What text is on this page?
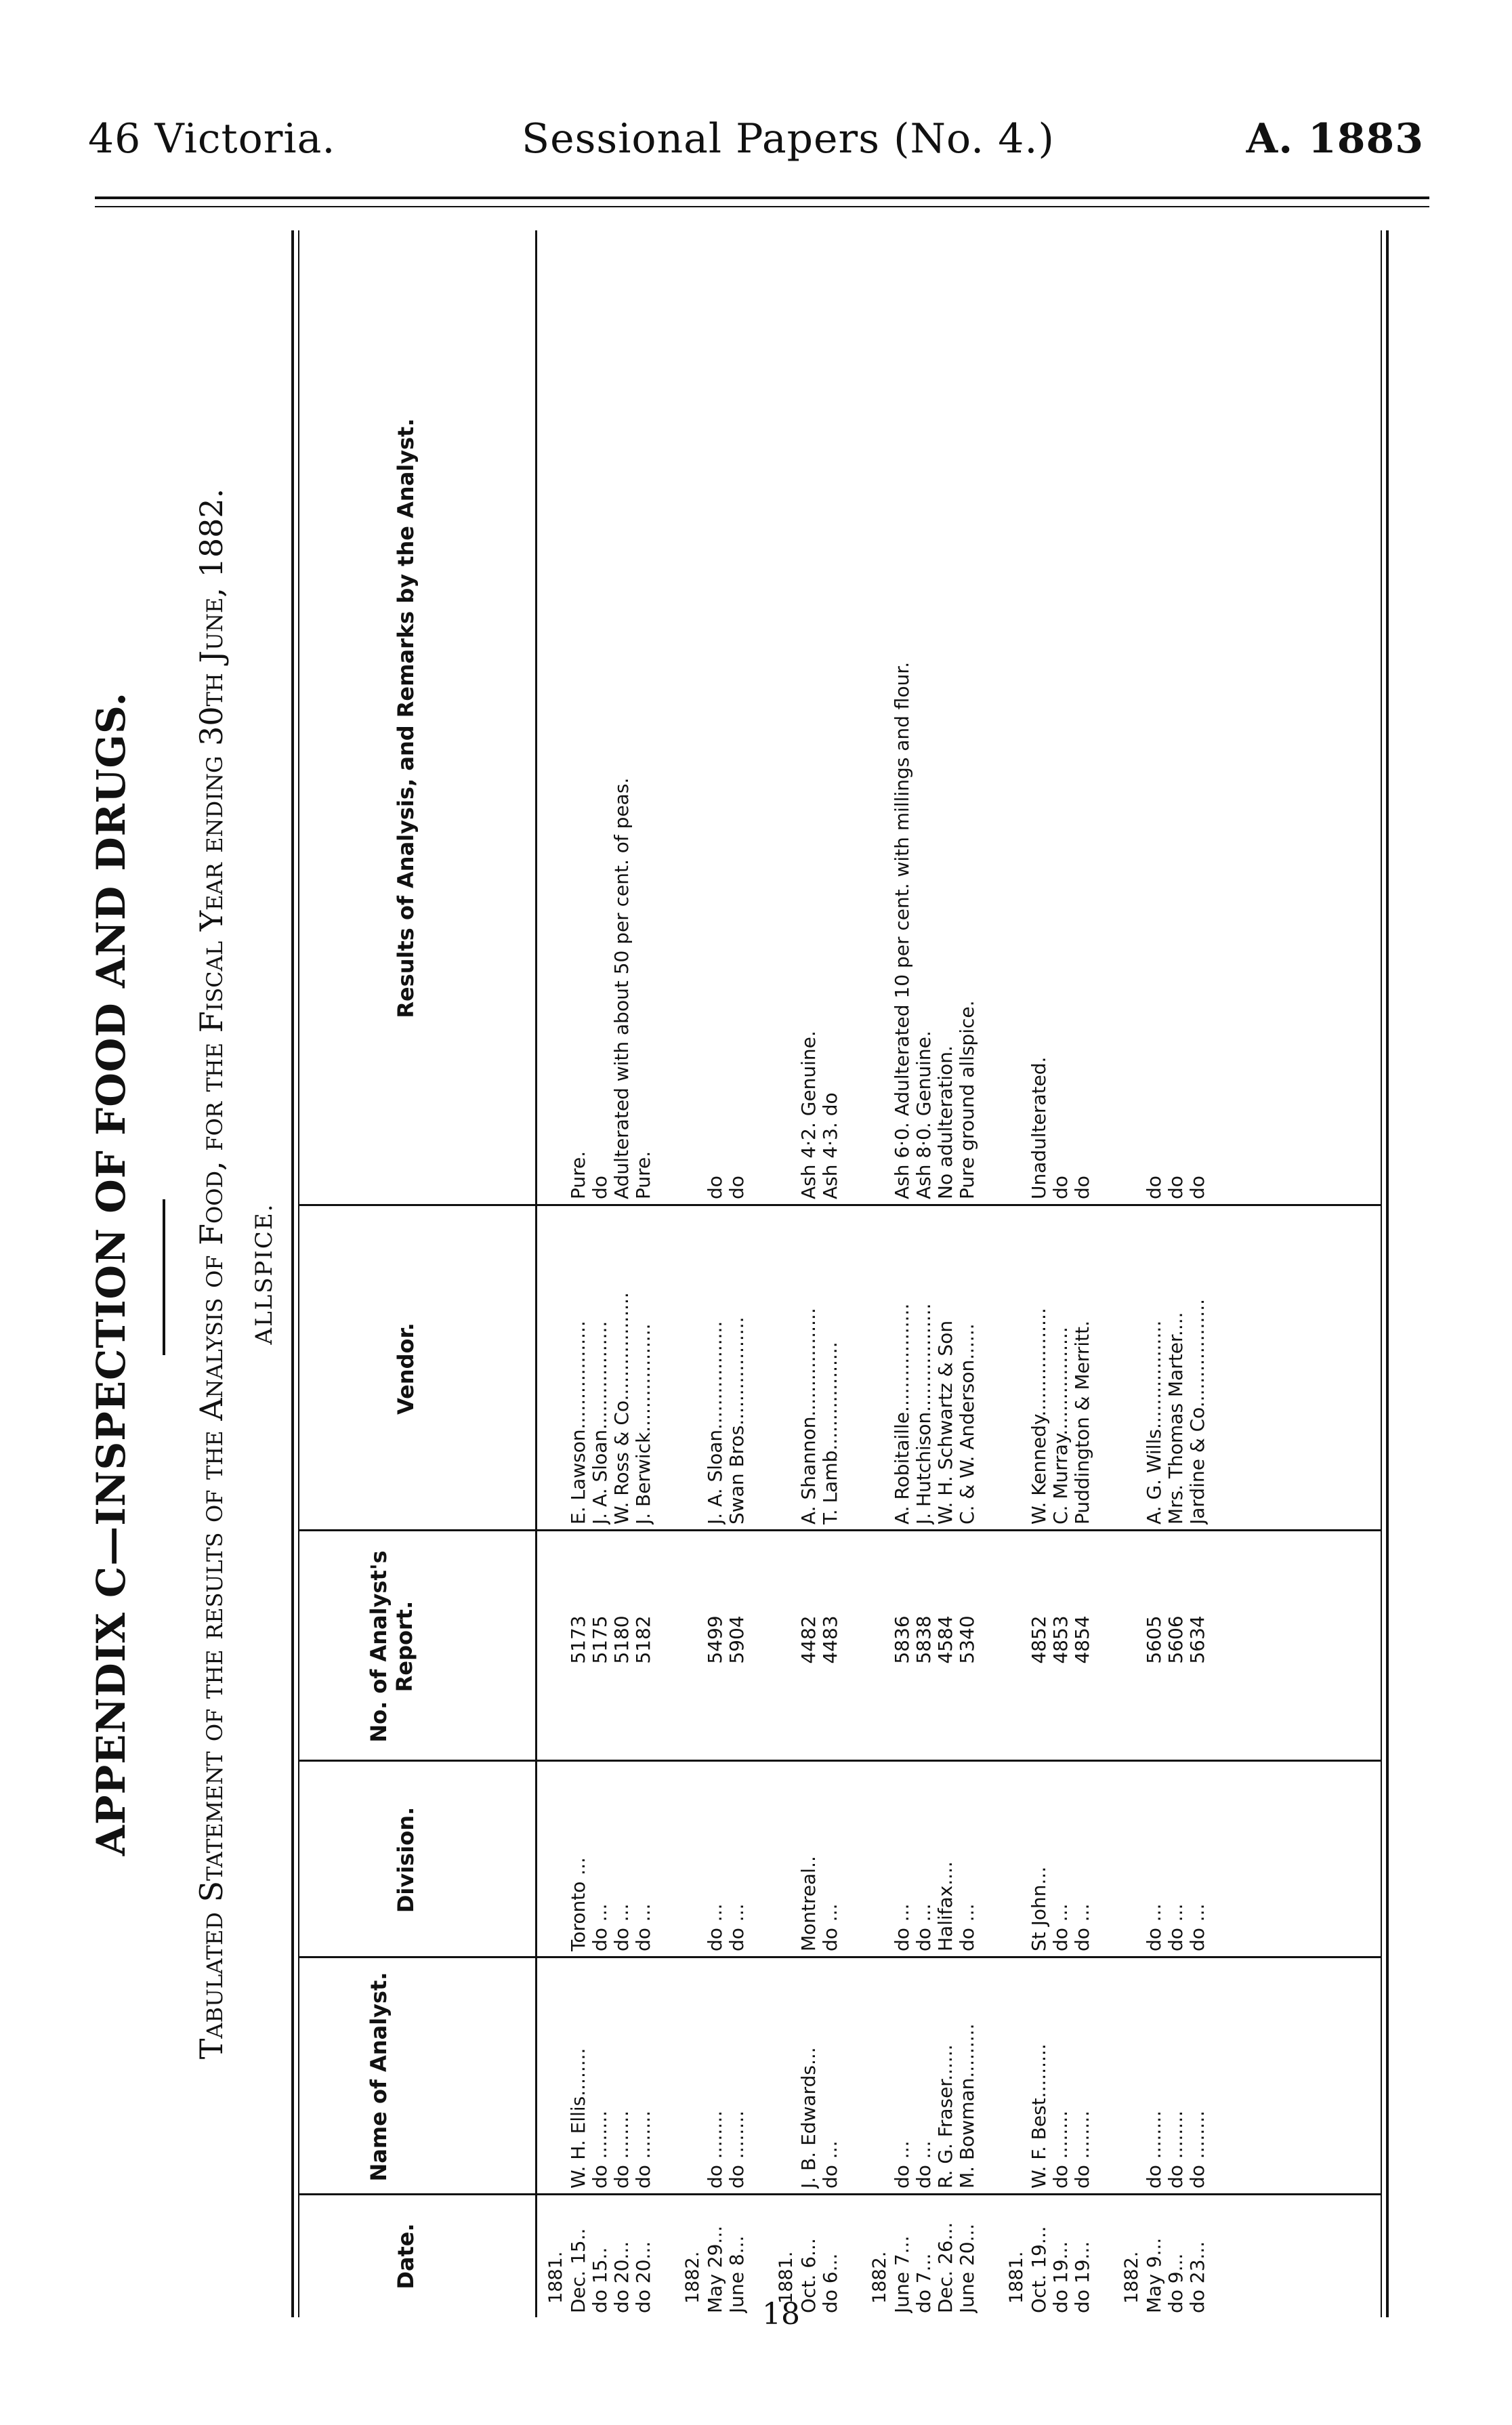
46 Victoria.	Sessional Papers (No. 4.)	A. 1883
APPENDIX C—INSPECTION OF FOOD AND DRUGS. Tabulated Statement of the results of the Analysis of Food, for the Fiscal Year ending 30th June, 1882. ALLSPICE.
Date.
Name of Analyst.
Division.
No. of Analyst's Report.
Vendor.
Results of Analysis, and Remarks by the Analyst.
1881. Dec. 15..
W. H. Ellis........
Toronto ...
5173
E. Lawson..................
Pure.
do 15..
do ........
do ...
5175
J. A. Sloan..................
do
do 20...
do ........
do ...
5180
W. Ross & Co..................
Adulterated with about 50 per cent. of peas.
do 20...
do ........
do ...
5182
J. Berwick..................
Pure.
1882. May 29...
do ........
do ...
5499
J. A. Sloan..................
do
June 8...
do ........
do ...
5904
Swan Bros..................
do
1881. Oct. 6...
J. B. Edwards...
Montreal..
4482
A. Shannon..................
Ash 4·2. Genuine.
do 6...
do ...
do ...
4483
T. Lamb..................
Ash 4·3. do
1882. June 7...
do ...
do ...
5836
A. Robitaille..................
Ash 6·0. Adulterated 10 per cent. with millings and flour.
do 7...
do ...
do ...
5838
J. Hutchison..................
Ash 8·0. Genuine.
Dec. 26...
R. G. Fraser......
Halifax....
4584
W. H. Schwartz & Son
No adulteration.
June 20...
M. Bowman.........
do ...
5340
C. & W. Anderson......
Pure ground allspice.
1881. Oct. 19...
W. F. Best.........
St John...
4852
W. Kennedy..................
Unadulterated.
do 19...
do ........
do ...
4853
C. Murray..................
do
do 19...
do ........
do ...
4854
Puddington & Merritt.
do
1882. May 9...
do ........
do ...
5605
A. G. Wills..................
do
do 9...
do ........
do ...
5606
Mrs. Thomas Marter....
do
do 23...
do ........
do ...
5634
Jardine & Co..................
do
18
